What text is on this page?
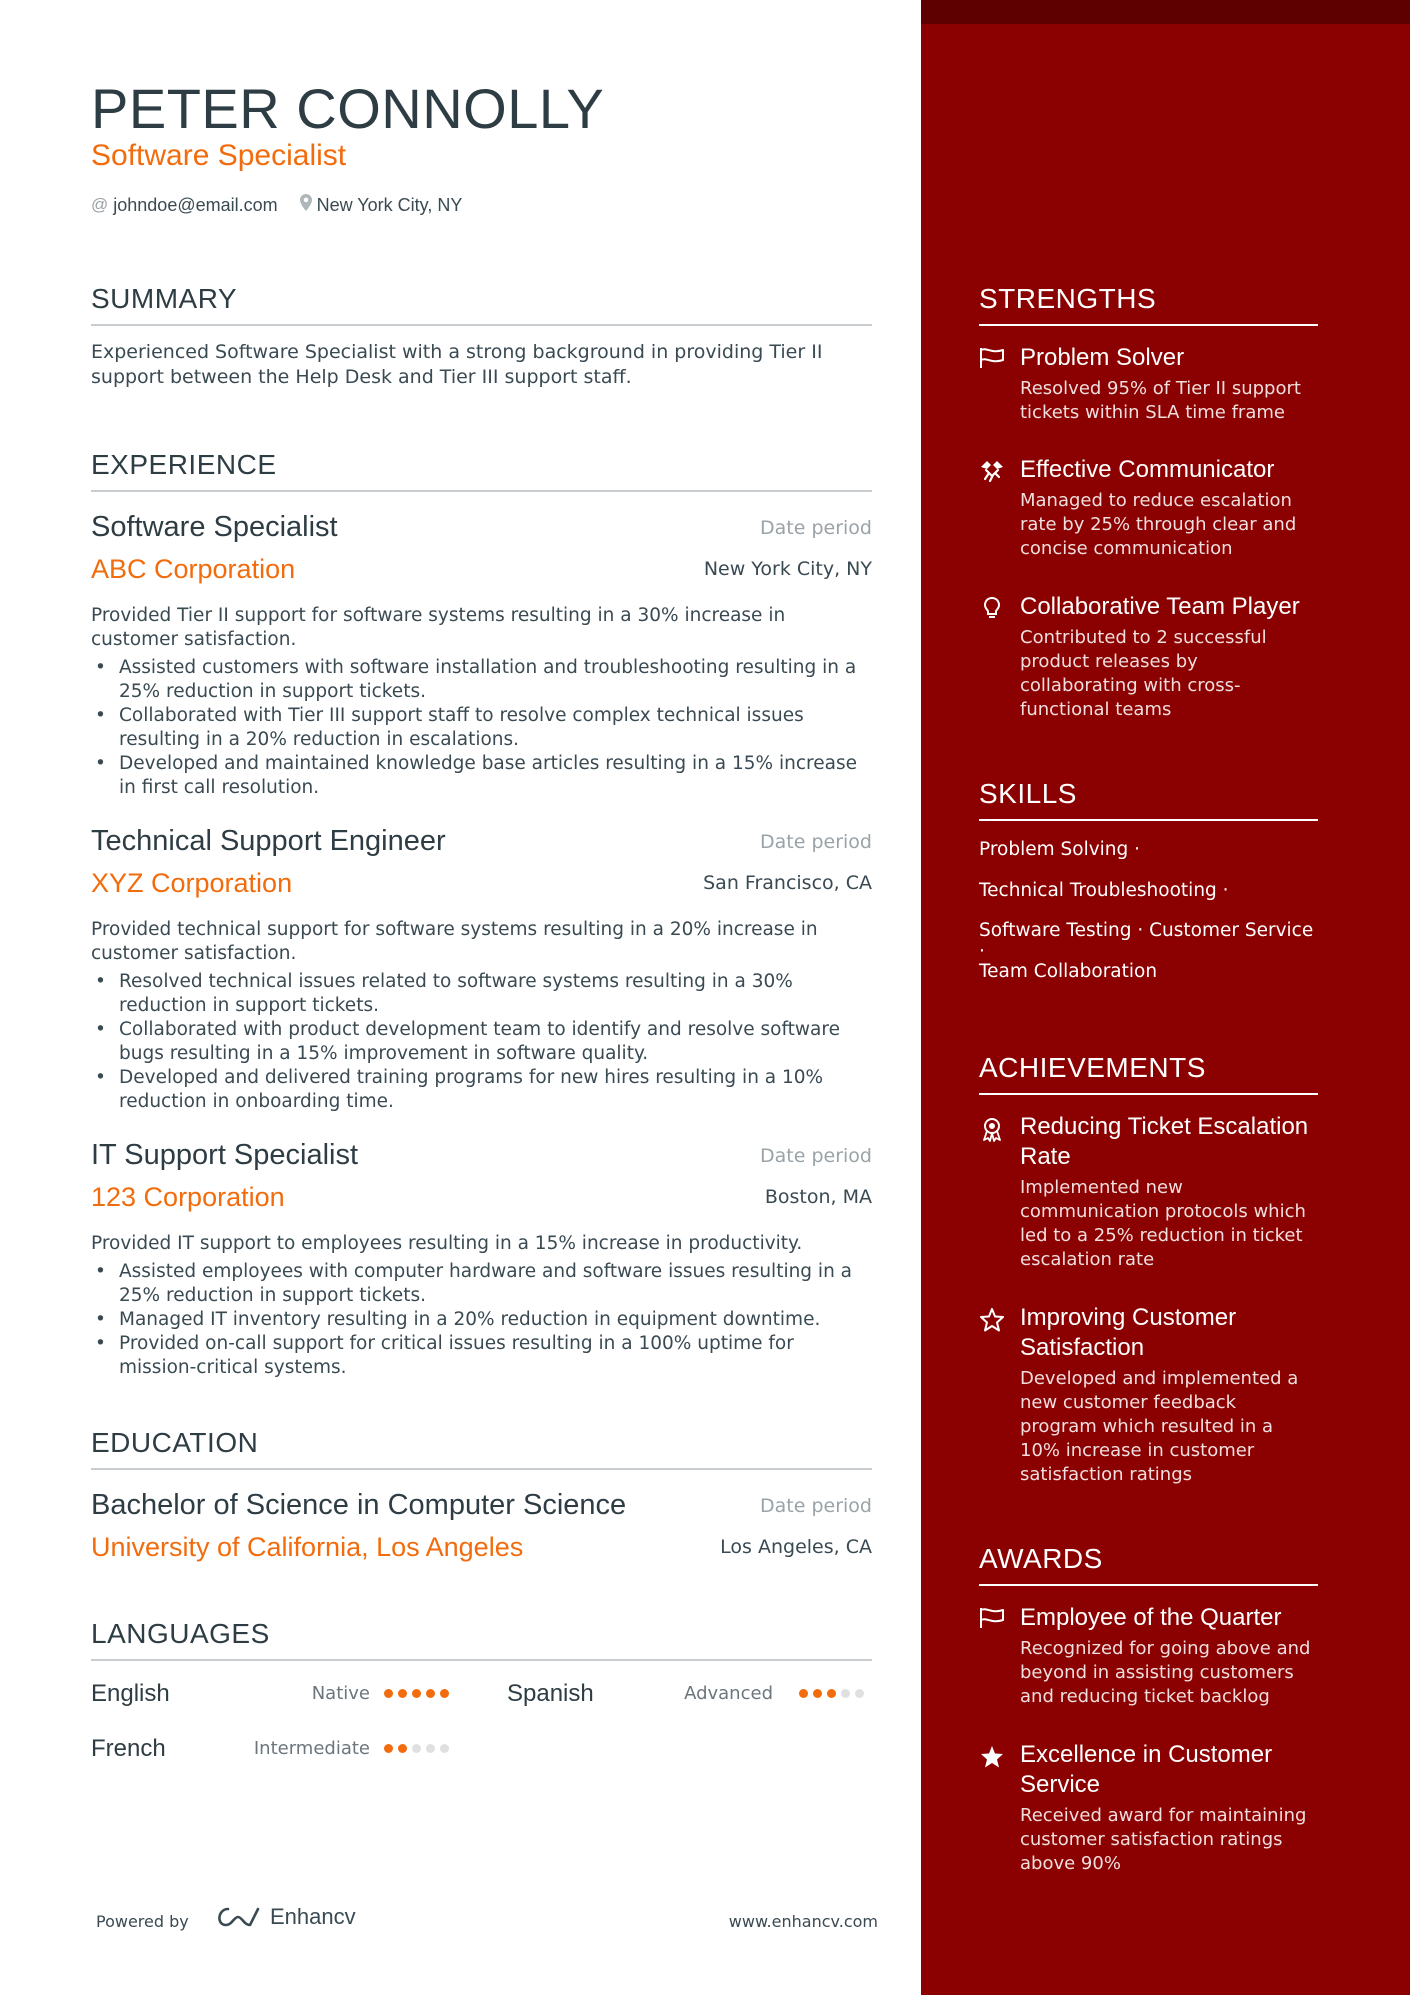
PETER CONNOLLY
Software Specialist
@ johndoe@email.com New York City, NY
SUMMARY
Experienced Software Specialist with a strong background in providing Tier II support between the Help Desk and Tier III support staff.
EXPERIENCE
Software Specialist	Date period
ABC Corporation	New York City, NY
Provided Tier II support for software systems resulting in a 30% increase in customer satisfaction.
• Assisted customers with software installation and troubleshooting resulting in a 25% reduction in support tickets.
• Collaborated with Tier III support staff to resolve complex technical issues resulting in a 20% reduction in escalations.
• Developed and maintained knowledge base articles resulting in a 15% increase in first call resolution.
Technical Support Engineer	Date period
XYZ Corporation	San Francisco, CA
Provided technical support for software systems resulting in a 20% increase in customer satisfaction.
• Resolved technical issues related to software systems resulting in a 30% reduction in support tickets.
• Collaborated with product development team to identify and resolve software bugs resulting in a 15% improvement in software quality.
• Developed and delivered training programs for new hires resulting in a 10% reduction in onboarding time.
IT Support Specialist	Date period
123 Corporation	Boston, MA
Provided IT support to employees resulting in a 15% increase in productivity.
• Assisted employees with computer hardware and software issues resulting in a 25% reduction in support tickets.
• Managed IT inventory resulting in a 20% reduction in equipment downtime.
• Provided on-call support for critical issues resulting in a 100% uptime for mission-critical systems.
EDUCATION
Bachelor of Science in Computer Science	Date period
University of California, Los Angeles	Los Angeles, CA
LANGUAGES
English	Native	Spanish	Advanced
French	Intermediate
Powered by	Enhancv	www.enhancv.com
STRENGTHS
Problem Solver
Resolved 95% of Tier II support tickets within SLA time frame
Effective Communicator
Managed to reduce escalation rate by 25% through clear and concise communication
Collaborative Team Player
Contributed to 2 successful product releases by collaborating with cross-functional teams
SKILLS
Problem Solving ·
Technical Troubleshooting ·
Software Testing · Customer Service ·
Team Collaboration
ACHIEVEMENTS
Reducing Ticket Escalation Rate
Implemented new communication protocols which led to a 25% reduction in ticket escalation rate
Improving Customer Satisfaction
Developed and implemented a new customer feedback program which resulted in a 10% increase in customer satisfaction ratings
AWARDS
Employee of the Quarter
Recognized for going above and beyond in assisting customers and reducing ticket backlog
Excellence in Customer Service
Received award for maintaining customer satisfaction ratings above 90%
